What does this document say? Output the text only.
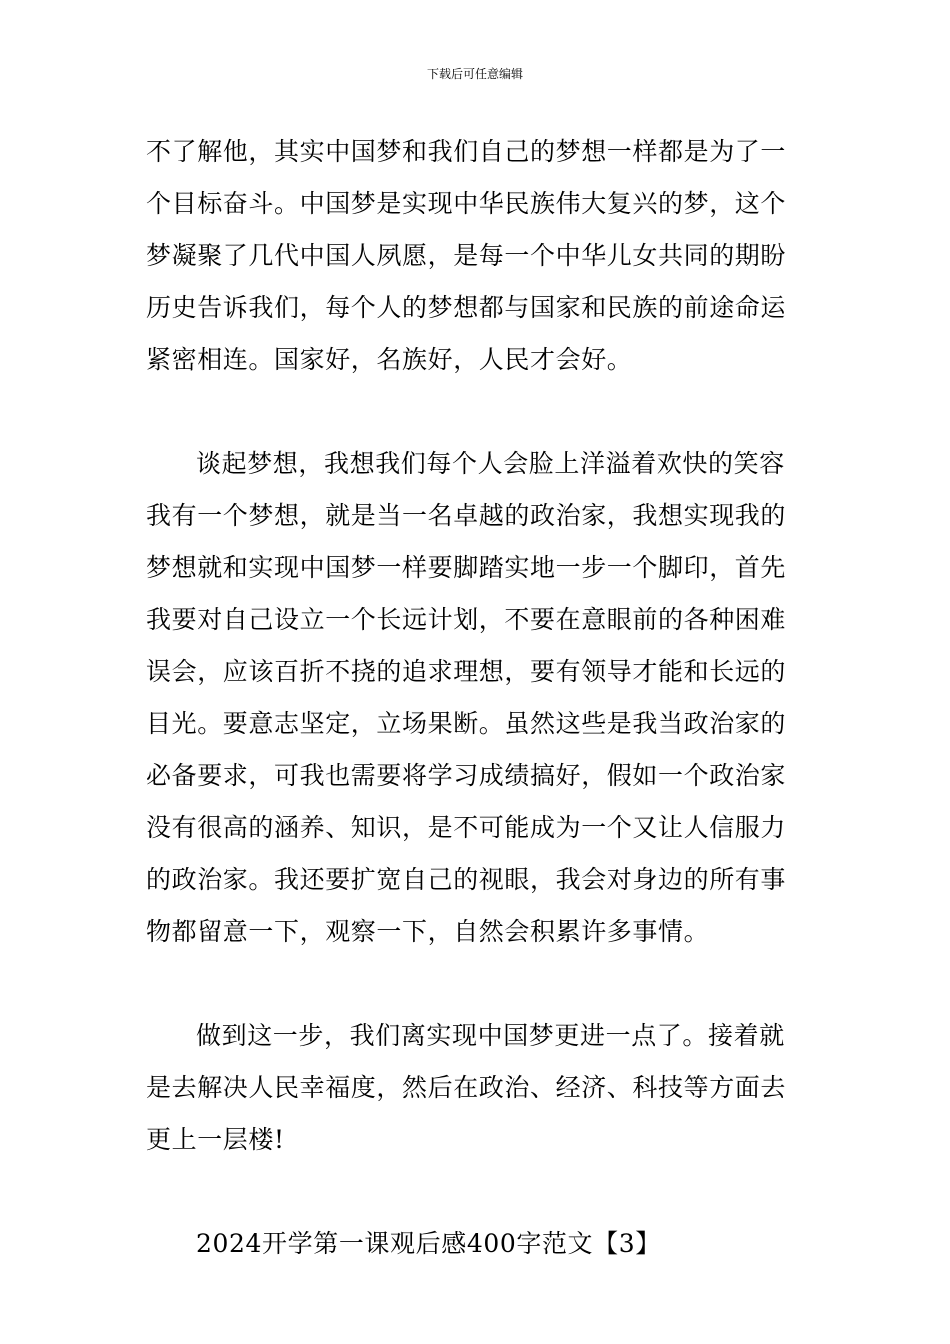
下载后可任意编辑
不了解他，其实中国梦和我们自己的梦想一样都是为了一
个目标奋斗。中国梦是实现中华民族伟大复兴的梦，这个
梦凝聚了几代中国人夙愿，是每一个中华儿女共同的期盼
历史告诉我们，每个人的梦想都与国家和民族的前途命运
紧密相连。国家好，名族好，人民才会好。
谈起梦想，我想我们每个人会脸上洋溢着欢快的笑容
我有一个梦想，就是当一名卓越的政治家，我想实现我的
梦想就和实现中国梦一样要脚踏实地一步一个脚印，首先
我要对自己设立一个长远计划，不要在意眼前的各种困难
误会，应该百折不挠的追求理想，要有领导才能和长远的
目光。要意志坚定，立场果断。虽然这些是我当政治家的
必备要求，可我也需要将学习成绩搞好，假如一个政治家
没有很高的涵养、知识，是不可能成为一个又让人信服力
的政治家。我还要扩宽自己的视眼，我会对身边的所有事
物都留意一下，观察一下，自然会积累许多事情。
做到这一步，我们离实现中国梦更进一点了。接着就
是去解决人民幸福度，然后在政治、经济、科技等方面去
更上一层楼!
2024开学第一课观后感400字范文【3】
